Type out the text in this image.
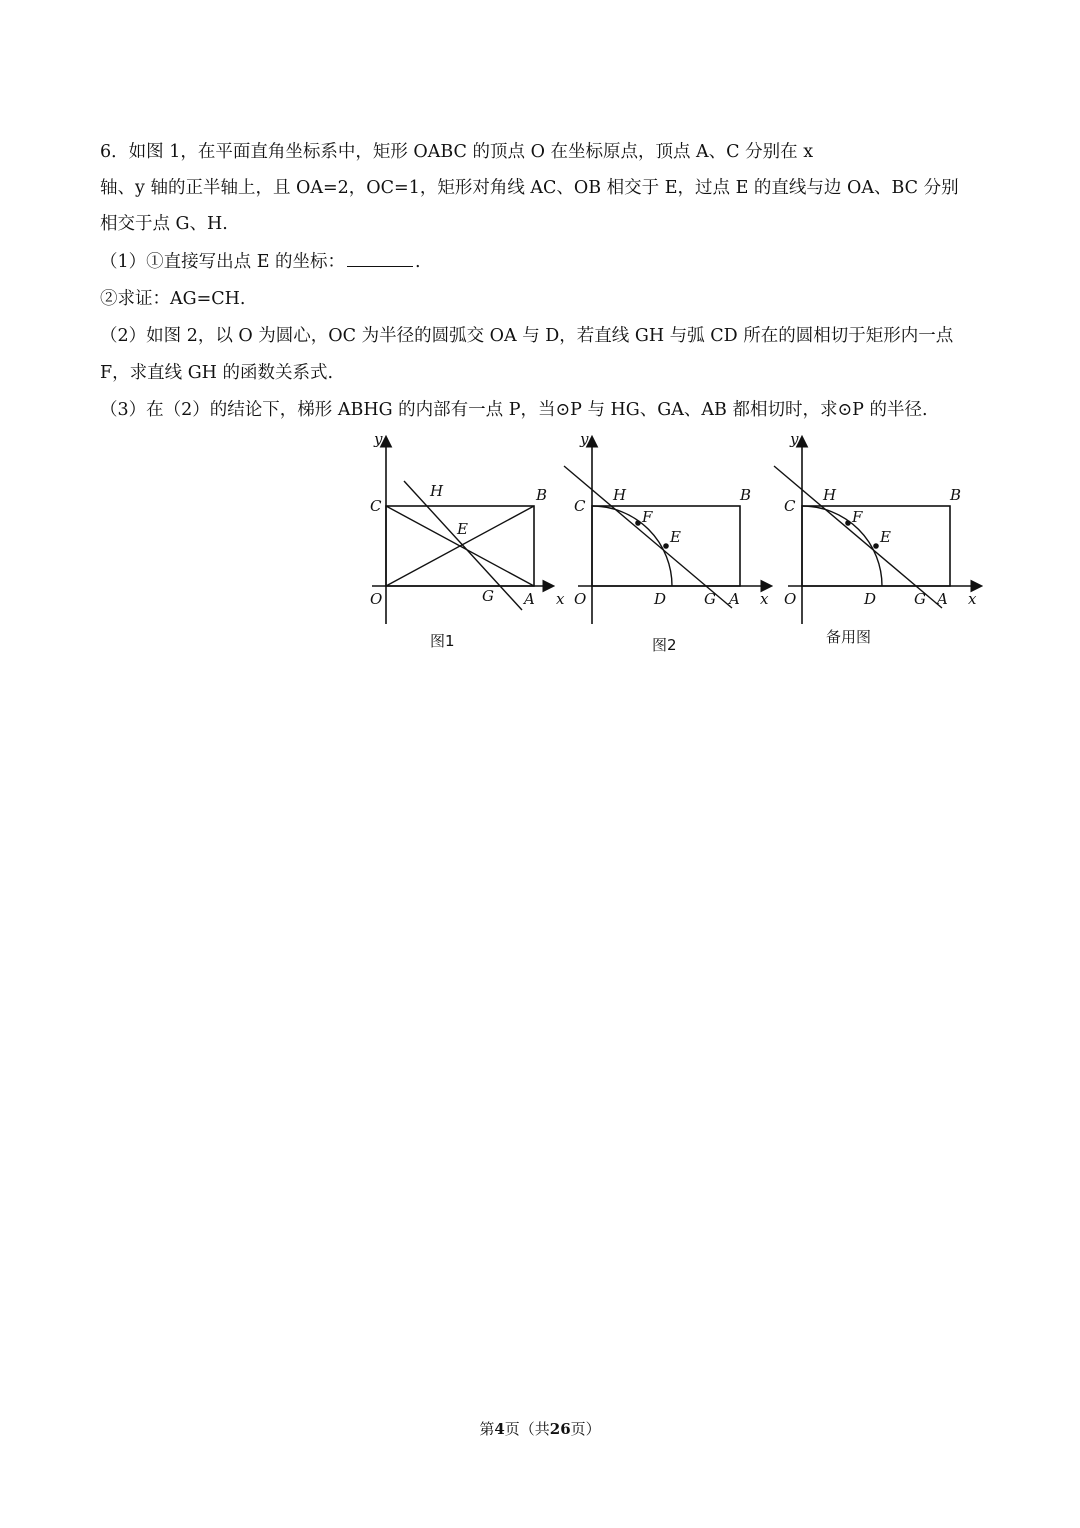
6．如图 1，在平面直角坐标系中，矩形 OABC 的顶点 O 在坐标原点，顶点 A、C 分别在 x
轴、y 轴的正半轴上，且 OA=2，OC=1，矩形对角线 AC、OB 相交于 E，过点 E 的直线与边 OA、BC 分别
相交于点 G、H.
（1）①直接写出点 E 的坐标：	.
②求证：AG=CH.
（2）如图 2，以 O 为圆心，OC 为半径的圆弧交 OA 与 D，若直线 GH 与弧 CD 所在的圆相切于矩形内一点
F，求直线 GH 的函数关系式.
（3）在（2）的结论下，梯形 ABHG 的内部有一点 P，当⊙P 与 HG、GA、AB 都相切时，求⊙P 的半径.
y
C
O
H	B
E
G A x
图1
y
C
O
H	B
F
E
D	G A x
图2
y
C
O
H	B
F
E
D	G A x
备用图
第4页（共26页）
